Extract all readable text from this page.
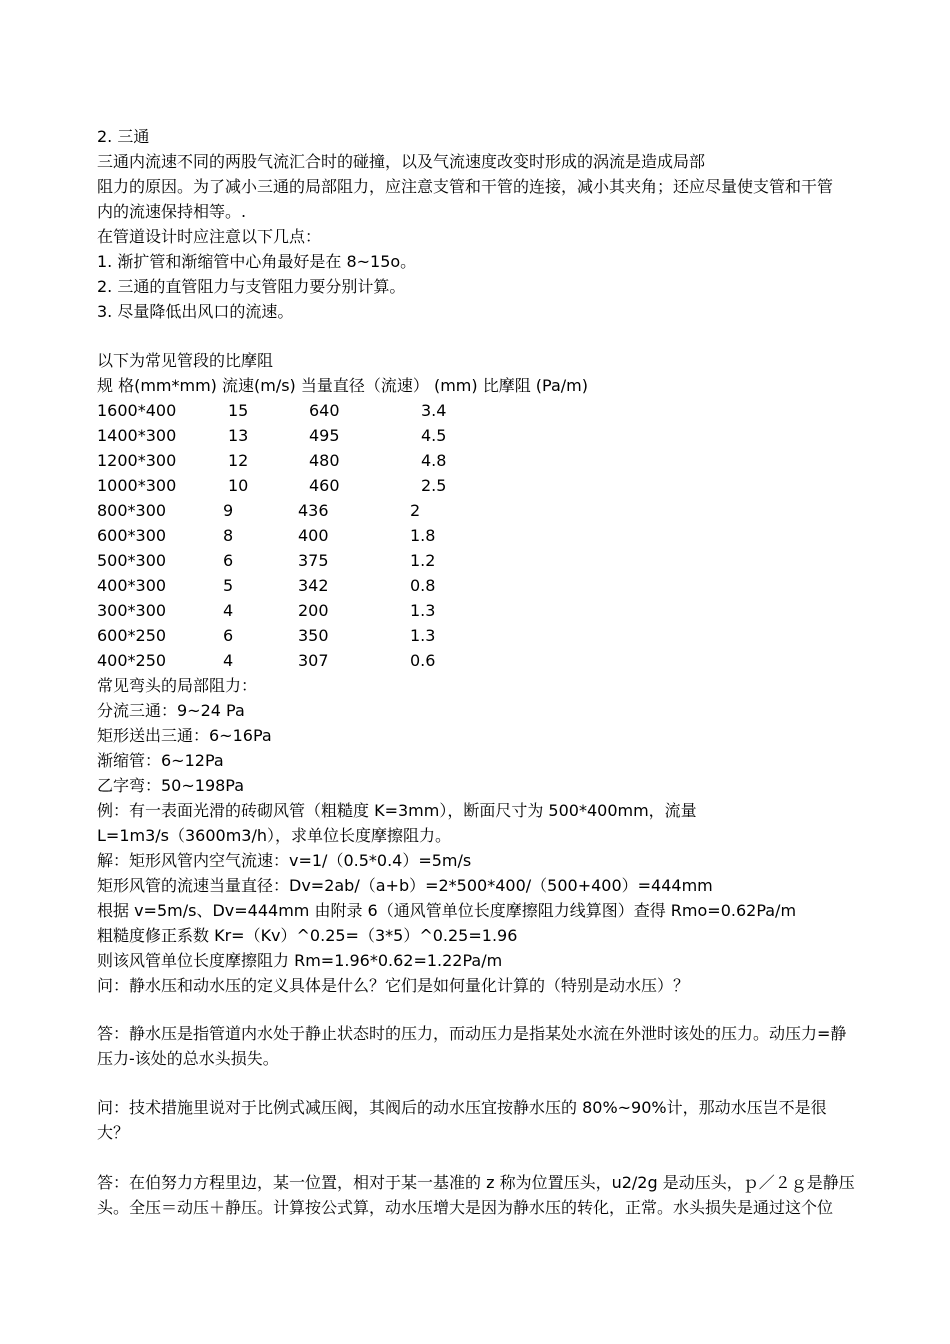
2. 三通
三通内流速不同的两股气流汇合时的碰撞，以及气流速度改变时形成的涡流是造成局部
阻力的原因。为了减小三通的局部阻力，应注意支管和干管的连接，减小其夹角；还应尽量使支管和干管
内的流速保持相等。.
在管道设计时应注意以下几点：
1. 渐扩管和渐缩管中心角最好是在 8~15o。
2. 三通的直管阻力与支管阻力要分别计算。
3. 尽量降低出风口的流速。
以下为常见管段的比摩阻
规 格(mm*mm) 流速(m/s) 当量直径（流速） (mm) 比摩阻 (Pa/m)
1600*400	15	640	3.4
1400*300	13	495	4.5
1200*300	12	480	4.8
1000*300	10	460	2.5
800*300	9	436	2
600*300	8	400	1.8
500*300	6	375	1.2
400*300	5	342	0.8
300*300	4	200	1.3
600*250	6	350	1.3
400*250	4	307	0.6
常见弯头的局部阻力：
分流三通：9~24 Pa
矩形送出三通：6~16Pa
渐缩管：6~12Pa
乙字弯：50~198Pa
例：有一表面光滑的砖砌风管（粗糙度 K=3mm），断面尺寸为 500*400mm，流量
L=1m3/s（3600m3/h），求单位长度摩擦阻力。
解：矩形风管内空气流速：v=1/（0.5*0.4）=5m/s
矩形风管的流速当量直径：Dv=2ab/（a+b）=2*500*400/（500+400）=444mm
根据 v=5m/s、Dv=444mm 由附录 6（通风管单位长度摩擦阻力线算图）查得 Rmo=0.62Pa/m
粗糙度修正系数 Kr=（Kv）^0.25=（3*5）^0.25=1.96
则该风管单位长度摩擦阻力 Rm=1.96*0.62=1.22Pa/m
问：静水压和动水压的定义具体是什么？它们是如何量化计算的（特别是动水压）？
答：静水压是指管道内水处于静止状态时的压力，而动压力是指某处水流在外泄时该处的压力。动压力=静压力-该处的总水头损失。
问：技术措施里说对于比例式减压阀，其阀后的动水压宜按静水压的 80%~90%计，那动水压岂不是很大？
答：在伯努力方程里边，某一位置，相对于某一基准的 z 称为位置压头，u2/2g 是动压头，ｐ／２ｇ是静压头。全压＝动压＋静压。计算按公式算，动水压增大是因为静水压的转化，正常。水头损失是通过这个位
